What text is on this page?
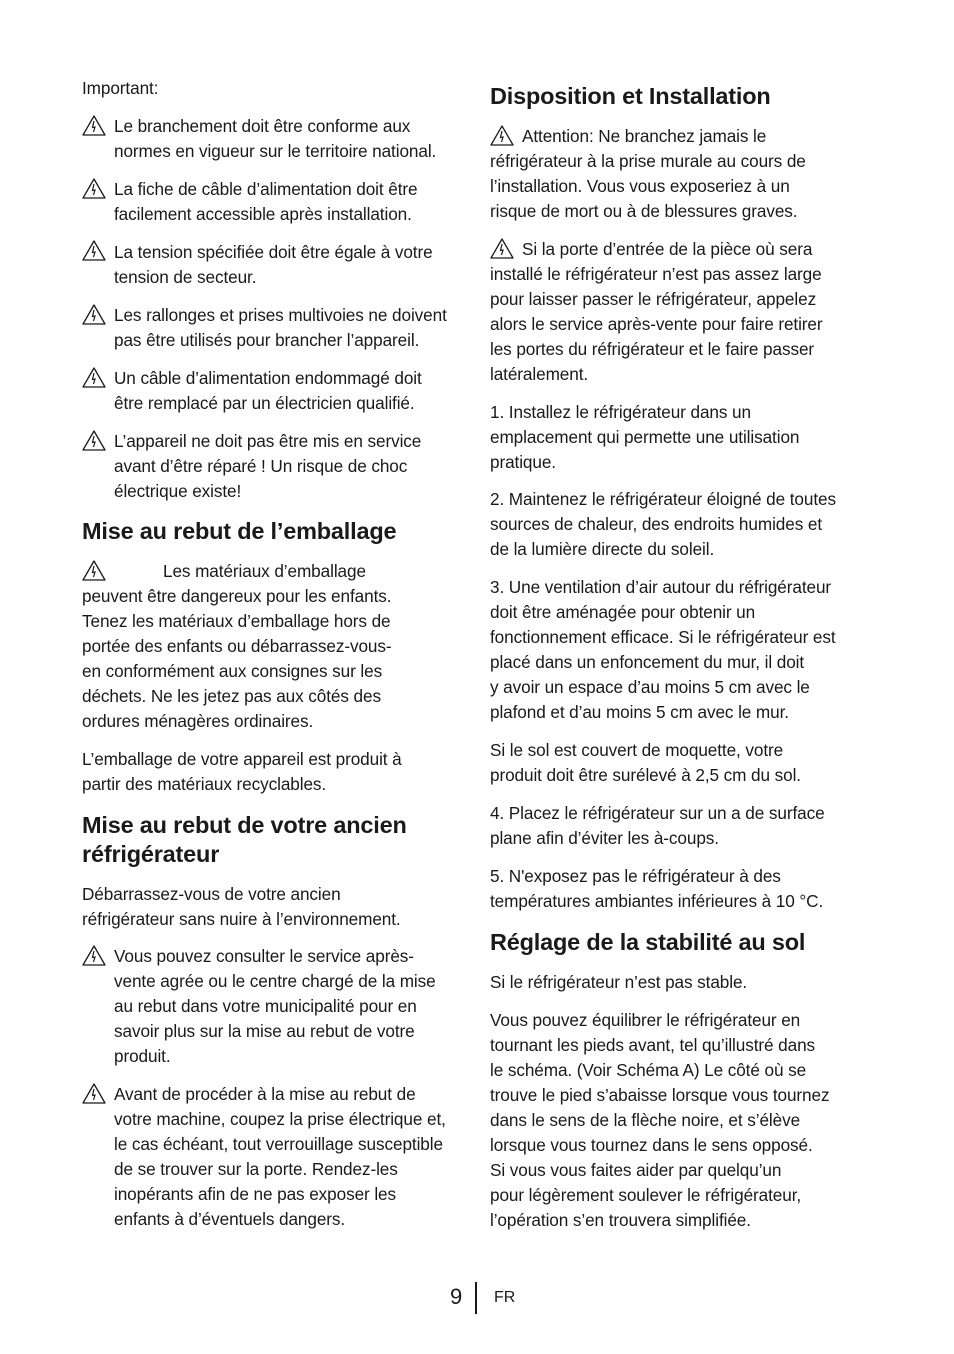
Important:

Le branchement doit être conforme aux
normes en vigueur sur le territoire national.

La fiche de câble d’alimentation doit être
facilement accessible après installation.

La tension spécifiée doit être égale à votre
tension de secteur.

Les rallonges et prises multivoies ne doivent
pas être utilisés pour brancher l’appareil.

Un câble d’alimentation endommagé doit
être remplacé par un électricien qualifié.

L’appareil ne doit pas être mis en service
avant d’être réparé ! Un risque de choc
électrique existe!

Mise au rebut de l’emballage

Les matériaux d’emballage
peuvent être dangereux pour les enfants.
Tenez les matériaux d’emballage hors de
portée des enfants ou débarrassez-vous-
en conformément aux consignes sur les
déchets. Ne les jetez pas aux côtés des
ordures ménagères ordinaires.

L’emballage de votre appareil est produit à
partir des matériaux recyclables.

Mise au rebut de votre ancien réfrigérateur

Débarrassez-vous de votre ancien
réfrigérateur sans nuire à l’environnement.

Vous pouvez consulter le service après-
vente agrée ou le centre chargé de la mise
au rebut dans votre municipalité pour en
savoir plus sur la mise au rebut de votre
produit.

Avant de procéder à la mise au rebut de
votre machine, coupez la prise électrique et,
le cas échéant, tout verrouillage susceptible
de se trouver sur la porte. Rendez-les
inopérants afin de ne pas exposer les
enfants à d’éventuels dangers.

Disposition et Installation

Attention: Ne branchez jamais le
réfrigérateur à la prise murale au cours de
l’installation. Vous vous exposeriez à un
risque de mort ou à de blessures graves.

Si la porte d’entrée de la pièce où sera
installé le réfrigérateur n’est pas assez large
pour laisser passer le réfrigérateur, appelez
alors le service après-vente pour faire retirer
les portes du réfrigérateur et le faire passer
latéralement.

1. Installez le réfrigérateur dans un
emplacement qui permette une utilisation
pratique.

2. Maintenez le réfrigérateur éloigné de toutes
sources de chaleur, des endroits humides et
de la lumière directe du soleil.

3. Une ventilation d’air autour du réfrigérateur
doit être aménagée pour obtenir un
fonctionnement efficace. Si le réfrigérateur est
placé dans un enfoncement du mur, il doit
y avoir un espace d’au moins 5 cm avec le
plafond et d’au moins 5 cm avec le mur.

Si le sol est couvert de moquette, votre
produit doit être surélevé à 2,5 cm du sol.

4. Placez le réfrigérateur sur un a de surface
plane afin d’éviter les à-coups.

5. N'exposez pas le réfrigérateur à des
températures ambiantes inférieures à 10 °C.

Réglage de la stabilité au sol

Si le réfrigérateur n’est pas stable.

Vous pouvez équilibrer le réfrigérateur en
tournant les pieds avant, tel qu’illustré dans
le schéma. (Voir Schéma A) Le côté où se
trouve le pied s’abaisse lorsque vous tournez
dans le sens de la flèche noire, et s’élève
lorsque vous tournez dans le sens opposé.
Si vous vous faites aider par quelqu’un
pour légèrement soulever le réfrigérateur,
l’opération s’en trouvera simplifiée.

9 FR
